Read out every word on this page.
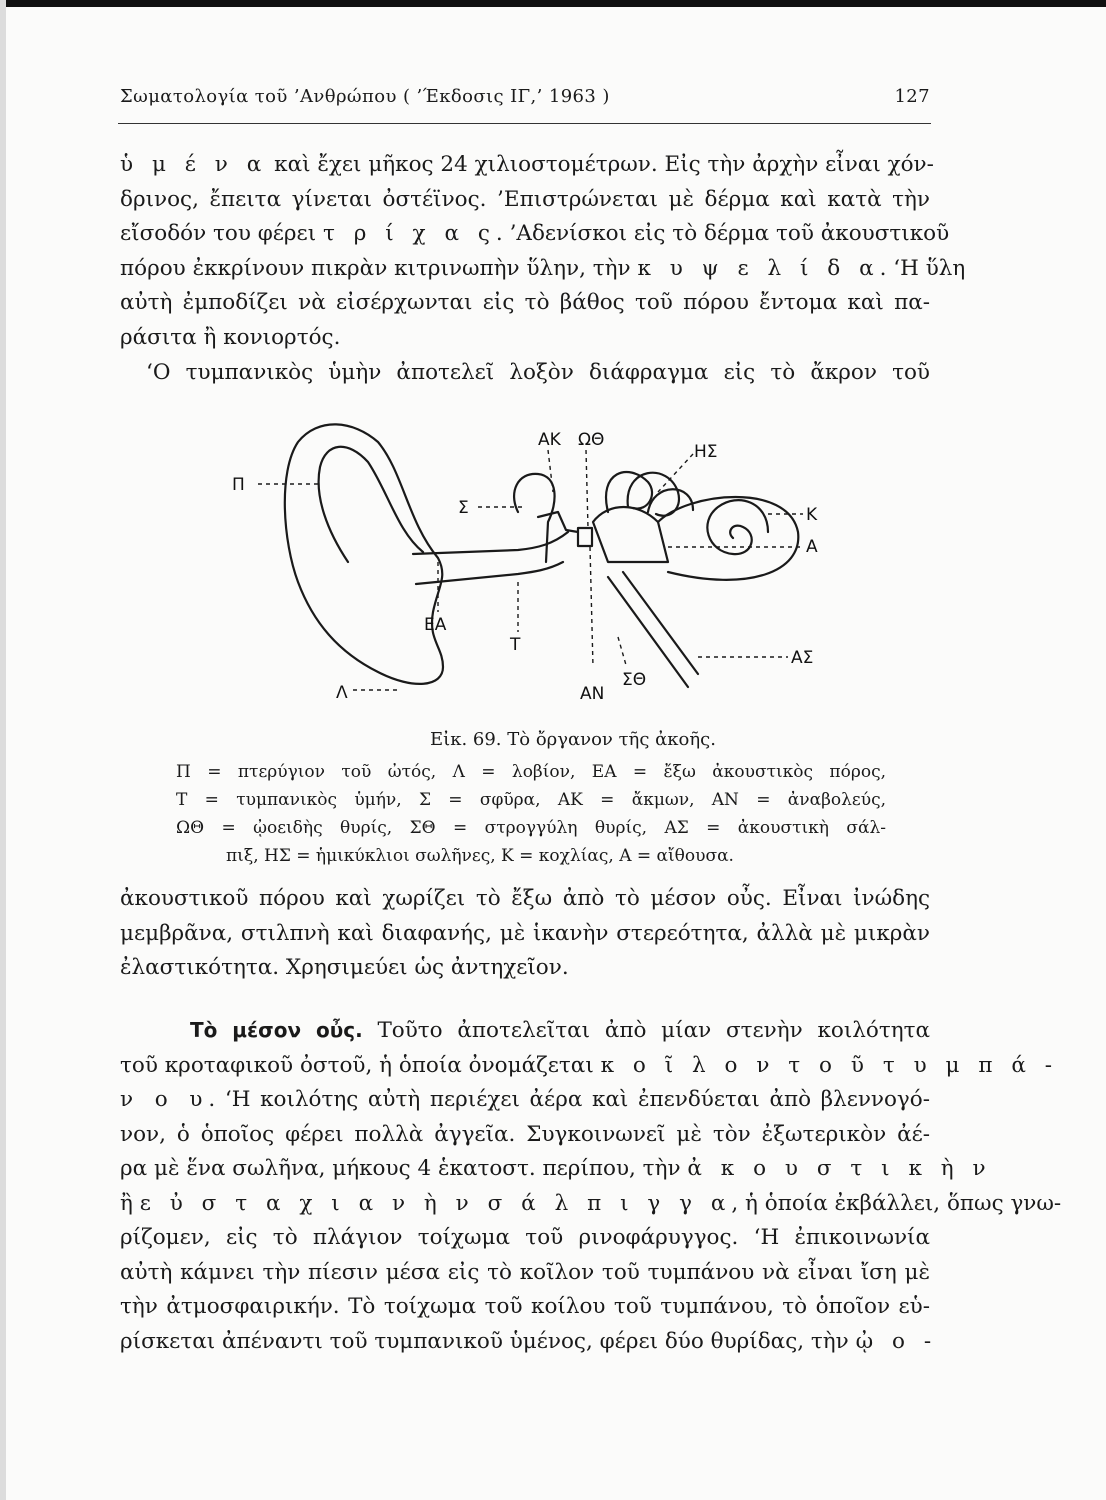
Σωματολογία τοῦ ’Ανθρώπου ( ’Έκδοσις ΙΓ,’ 1963 )	127
ὑ μ έ ν α καὶ ἔχει μῆκος 24 χιλιοστομέτρων. Εἰς τὴν ἀρχὴν εἶναι χόν-
δρινος, ἔπειτα γίνεται ὀστέϊνος. ’Επιστρώνεται μὲ δέρμα καὶ κατὰ τὴν
εἴσοδόν του φέρει τ ρ ί χ α ς. ’Αδενίσκοι εἰς τὸ δέρμα τοῦ ἀκουστικοῦ
πόρου ἐκκρίνουν πικρὰν κιτρινωπὴν ὕλην, τὴν κ υ ψ ε λ ί δ α. ‘Η ὕλη
αὐτὴ ἐμποδίζει νὰ εἰσέρχωνται εἰς τὸ βάθος τοῦ πόρου ἔντομα καὶ πα-
ράσιτα ἢ κονιορτός.
‘Ο τυμπανικὸς ὑμὴν ἀποτελεῖ λοξὸν διάφραγμα εἰς τὸ ἄκρον τοῦ
Π
Λ
ΕΑ
Σ
ΑΚ ΩΘ
ΗΣ
Κ
Α
Τ
ΑΝ
ΣΘ
ΑΣ
Εἰκ. 69. Τὸ ὄργανον τῆς ἀκοῆς.
Π = πτερύγιον τοῦ ὠτός, Λ = λοβίον, ΕΑ = ἔξω ἀκουστικὸς πόρος,
Τ = τυμπανικὸς ὑμήν, Σ = σφῦρα, ΑΚ = ἄκμων, ΑΝ = ἀναβολεύς,
ΩΘ = ᾠοειδὴς θυρίς, ΣΘ = στρογγύλη θυρίς, ΑΣ = ἀκουστικὴ σάλ-
πιξ, ΗΣ = ἡμικύκλιοι σωλῆνες, Κ = κοχλίας, Α = αἴθουσα.
ἀκουστικοῦ πόρου καὶ χωρίζει τὸ ἔξω ἀπὸ τὸ μέσον οὖς. Εἶναι ἰνώδης
μεμβρᾶνα, στιλπνὴ καὶ διαφανής, μὲ ἱκανὴν στερεότητα, ἀλλὰ μὲ μικρὰν
ἐλαστικότητα. Χρησιμεύει ὡς ἀντηχεῖον.
Τὸ μέσον οὖς. Τοῦτο ἀποτελεῖται ἀπὸ μίαν στενὴν κοιλότητα
τοῦ κροταφικοῦ ὀστοῦ, ἡ ὁποία ὀνομάζεται κ ο ῖ λ ο ν τ ο ῦ τ υ μ π ά -
ν ο υ. ‘Η κοιλότης αὐτὴ περιέχει ἀέρα καὶ ἐπενδύεται ἀπὸ βλεννογό-
νον, ὁ ὁποῖος φέρει πολλὰ ἀγγεῖα. Συγκοινωνεῖ μὲ τὸν ἐξωτερικὸν ἀέ-
ρα μὲ ἕνα σωλῆνα, μήκους 4 ἑκατοστ. περίπου, τὴν ἀ κ ο υ σ τ ι κ ὴ ν
ἢ ε ὐ σ τ α χ ι α ν ὴ ν σ ά λ π ι γ γ α, ἡ ὁποία ἐκβάλλει, ὅπως γνω-
ρίζομεν, εἰς τὸ πλάγιον τοίχωμα τοῦ ρινοφάρυγγος. ‘Η ἐπικοινωνία
αὐτὴ κάμνει τὴν πίεσιν μέσα εἰς τὸ κοῖλον τοῦ τυμπάνου νὰ εἶναι ἴση μὲ
τὴν ἀτμοσφαιρικήν. Τὸ τοίχωμα τοῦ κοίλου τοῦ τυμπάνου, τὸ ὁποῖον εὑ-
ρίσκεται ἀπέναντι τοῦ τυμπανικοῦ ὑμένος, φέρει δύο θυρίδας, τὴν ᾠ ο -
